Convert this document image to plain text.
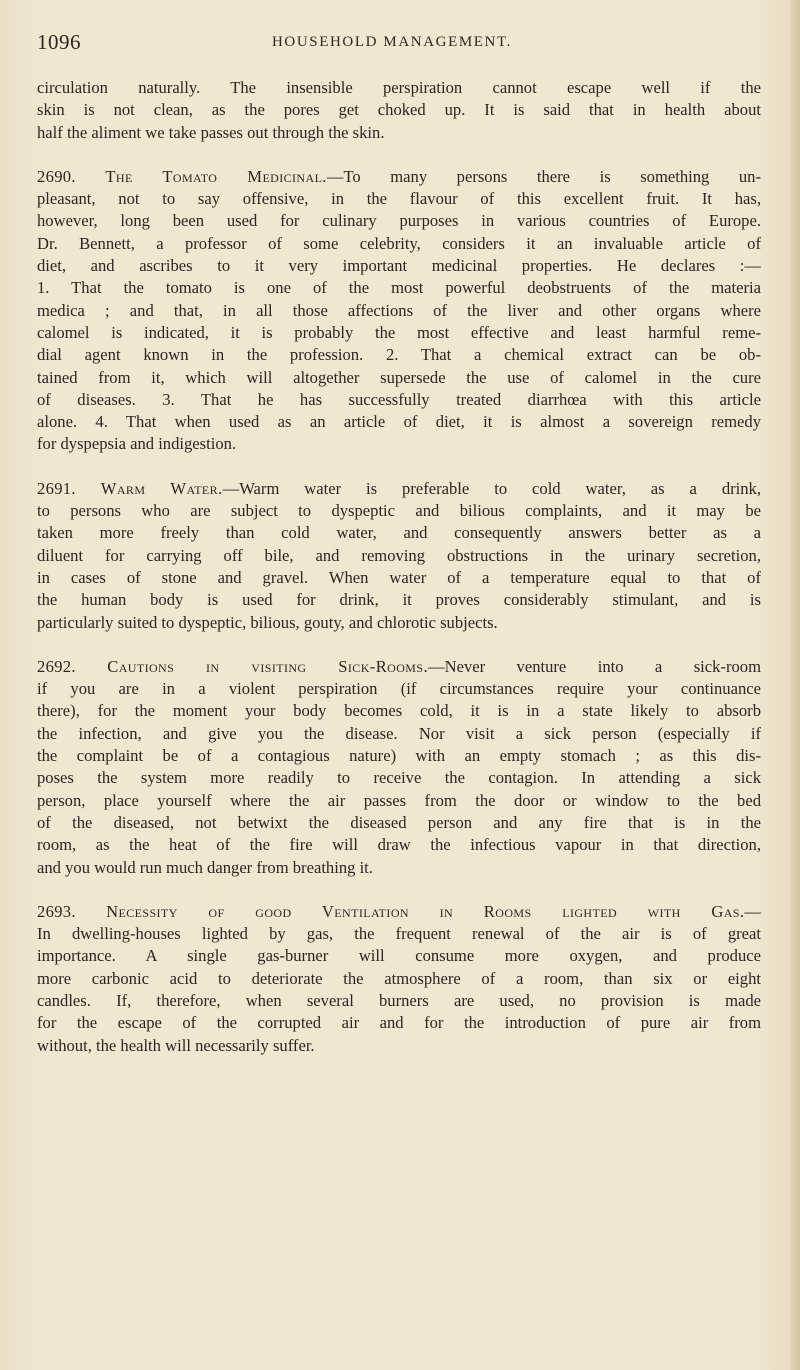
1096	HOUSEHOLD MANAGEMENT.

circulation naturally. The insensible perspiration cannot escape well if the
skin is not clean, as the pores get choked up. It is said that in health about
half the aliment we take passes out through the skin.

2690. The Tomato Medicinal.—To many persons there is something un-
pleasant, not to say offensive, in the flavour of this excellent fruit. It has,
however, long been used for culinary purposes in various countries of Europe.
Dr. Bennett, a professor of some celebrity, considers it an invaluable article of
diet, and ascribes to it very important medicinal properties. He declares :—
1. That the tomato is one of the most powerful deobstruents of the materia
medica ; and that, in all those affections of the liver and other organs where
calomel is indicated, it is probably the most effective and least harmful reme-
dial agent known in the profession. 2. That a chemical extract can be ob-
tained from it, which will altogether supersede the use of calomel in the cure
of diseases. 3. That he has successfully treated diarrhœa with this article
alone. 4. That when used as an article of diet, it is almost a sovereign remedy
for dyspepsia and indigestion.

2691. Warm Water.—Warm water is preferable to cold water, as a drink,
to persons who are subject to dyspeptic and bilious complaints, and it may be
taken more freely than cold water, and consequently answers better as a
diluent for carrying off bile, and removing obstructions in the urinary secretion,
in cases of stone and gravel. When water of a temperature equal to that of
the human body is used for drink, it proves considerably stimulant, and is
particularly suited to dyspeptic, bilious, gouty, and chlorotic subjects.

2692. Cautions in visiting Sick-Rooms.—Never venture into a sick-room
if you are in a violent perspiration (if circumstances require your continuance
there), for the moment your body becomes cold, it is in a state likely to absorb
the infection, and give you the disease. Nor visit a sick person (especially if
the complaint be of a contagious nature) with an empty stomach ; as this dis-
poses the system more readily to receive the contagion. In attending a sick
person, place yourself where the air passes from the door or window to the bed
of the diseased, not betwixt the diseased person and any fire that is in the
room, as the heat of the fire will draw the infectious vapour in that direction,
and you would run much danger from breathing it.

2693. Necessity of good Ventilation in Rooms lighted with Gas.—
In dwelling-houses lighted by gas, the frequent renewal of the air is of great
importance. A single gas-burner will consume more oxygen, and produce
more carbonic acid to deteriorate the atmosphere of a room, than six or eight
candles. If, therefore, when several burners are used, no provision is made
for the escape of the corrupted air and for the introduction of pure air from
without, the health will necessarily suffer.
